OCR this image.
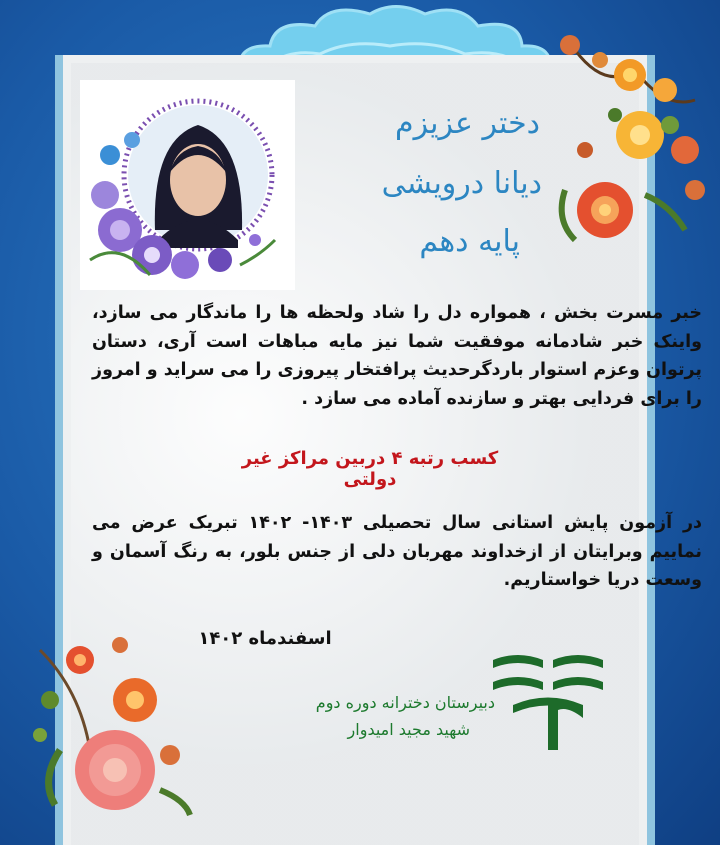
دختر عزیزم
دیانا درویشی
پایه دهم
خبر مسرت بخش ، همواره دل را شاد ولحظه ها را ماندگار می سازد، واینک خبر شادمانه موفقیت شما نیز مایه مباهات است آری، دستان پرتوان وعزم استوار باردگرحدیث پرافتخار پیروزی را می سراید و امروز را برای فردایی بهتر و سازنده آماده می سازد .
کسب رتبه ۴ دربین مراکز غیر دولتی
در آزمون پایش استانی سال تحصیلی ۱۴۰۳- ۱۴۰۲ تبریک عرض می نماییم وبرایتان از ازخداوند مهربان دلی از جنس بلور، به رنگ آسمان و وسعت دریا خواستاریم.
اسفندماه ۱۴۰۲
دبیرستان دخترانه دوره دوم
شهید مجید امیدوار
